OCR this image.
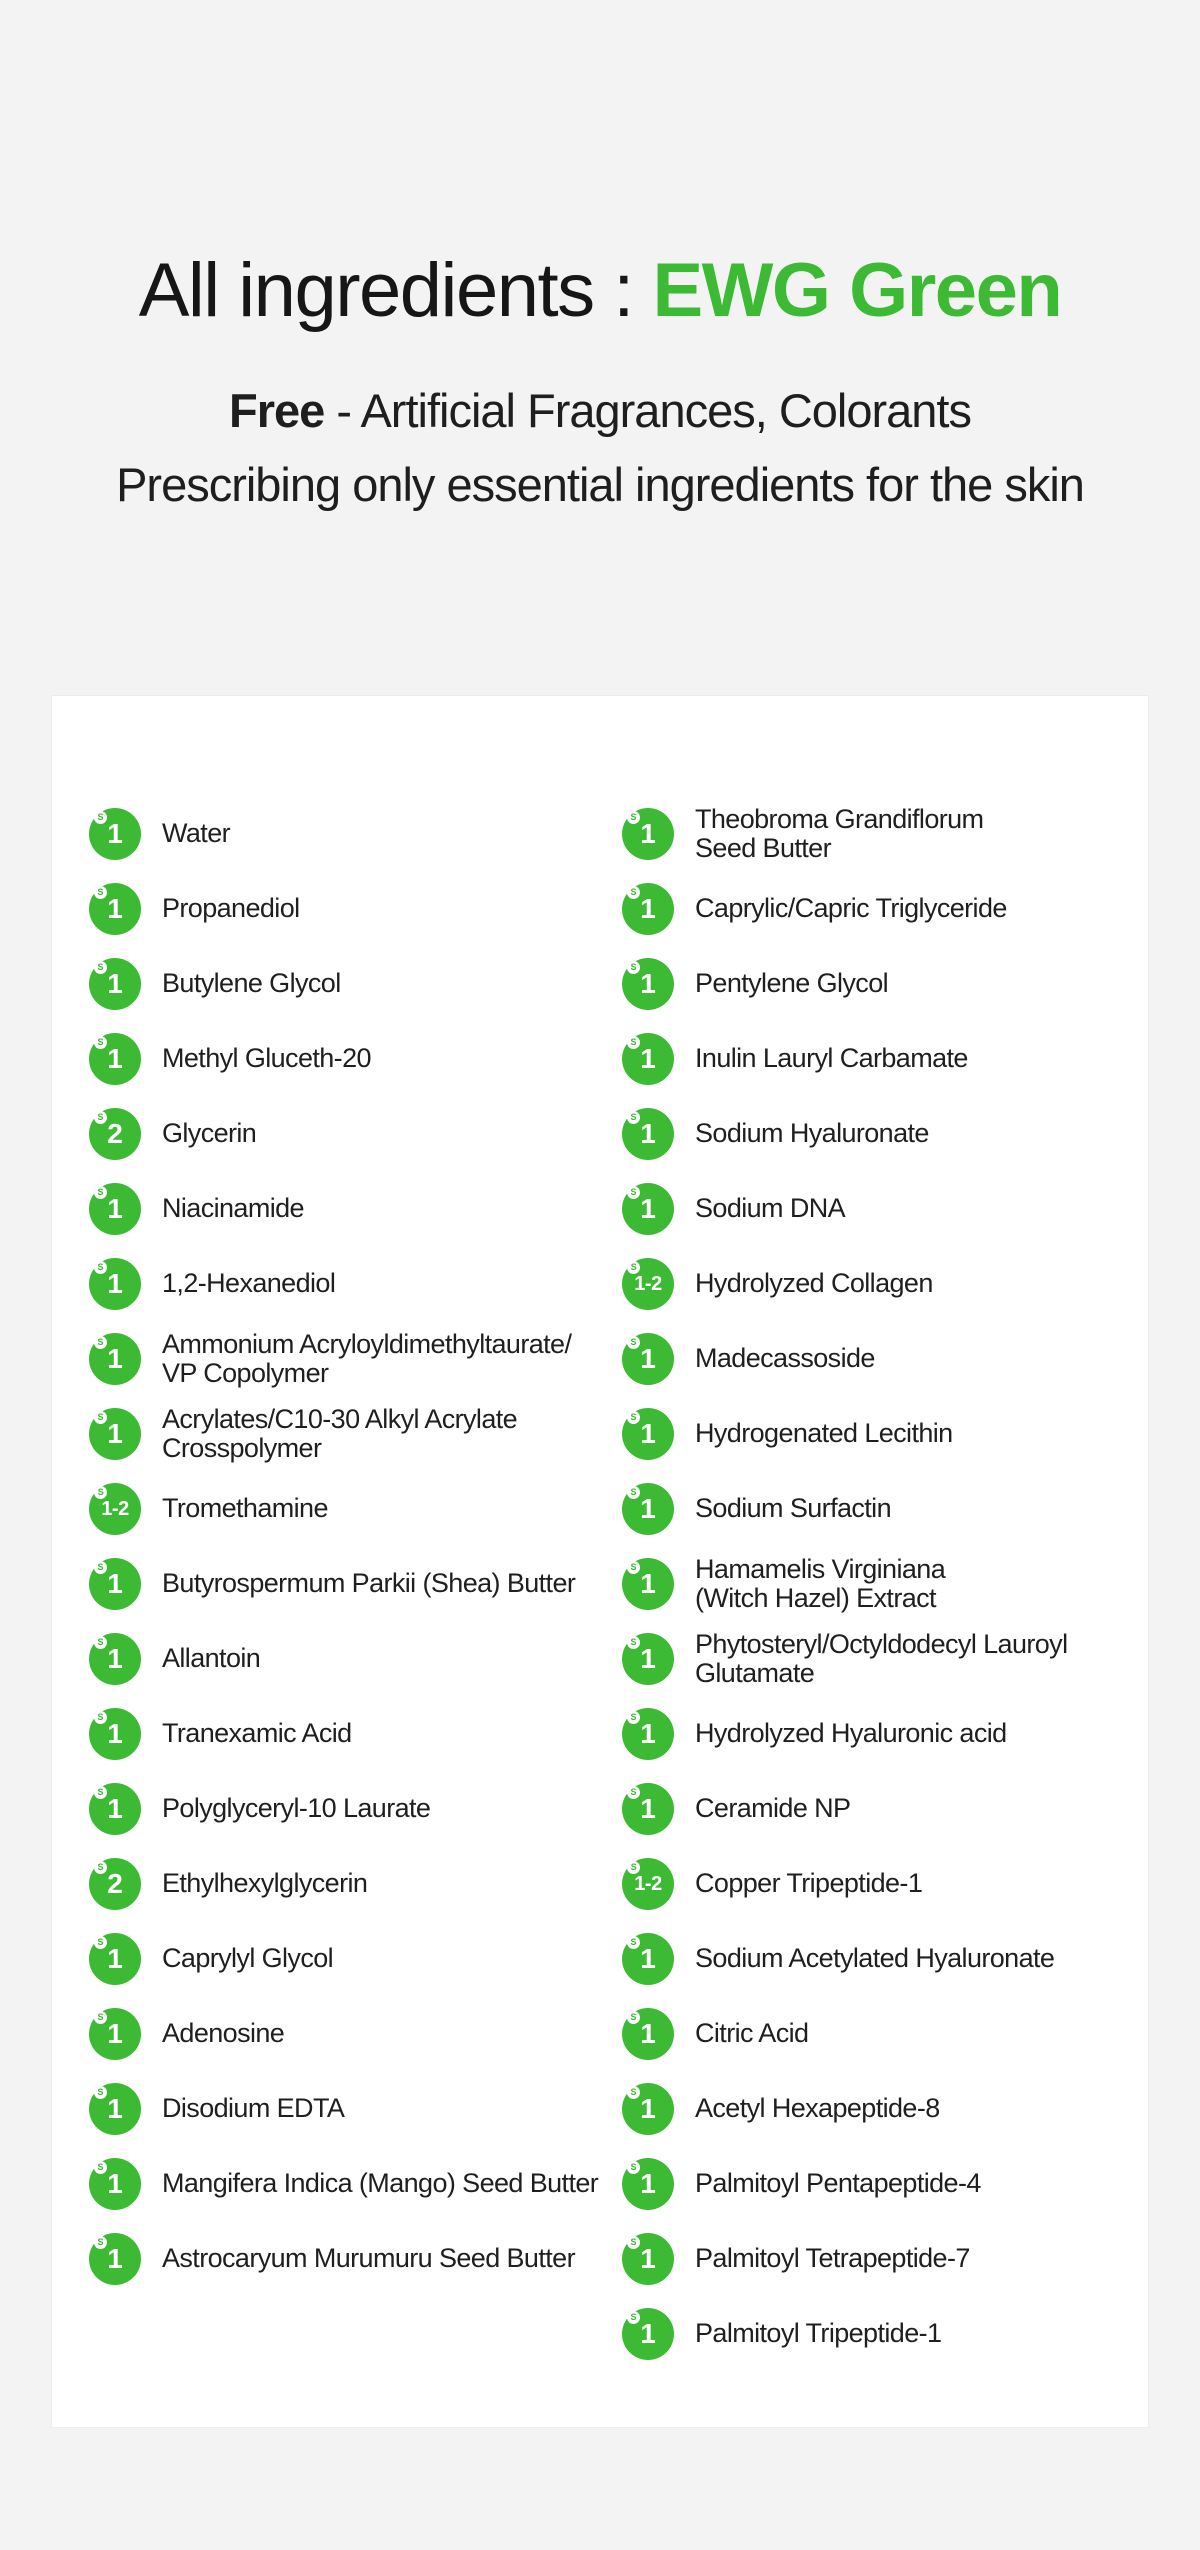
All ingredients : EWG Green
Free - Artificial Fragrances, Colorants
Prescribing only essential ingredients for the skin
S
1 Water
S
1 Propanediol
S
1 Butylene Glycol
S
1 Methyl Gluceth-20
S
2 Glycerin
S
1 Niacinamide
S
1 1,2-Hexanediol
S
1 Ammonium Acryloyldimethyltaurate/
VP Copolymer
S
1 Acrylates/C10-30 Alkyl Acrylate
Crosspolymer
S
1-2 Tromethamine
S
1 Butyrospermum Parkii (Shea) Butter
S
1 Allantoin
S
1 Tranexamic Acid
S
1 Polyglyceryl-10 Laurate
S
2 Ethylhexylglycerin
S
1 Caprylyl Glycol
S
1 Adenosine
S
1 Disodium EDTA
S
1 Mangifera Indica (Mango) Seed Butter
S
1 Astrocaryum Murumuru Seed Butter
S
1 Theobroma Grandiflorum
Seed Butter
S
1 Caprylic/Capric Triglyceride
S
1 Pentylene Glycol
S
1 Inulin Lauryl Carbamate
S
1 Sodium Hyaluronate
S
1 Sodium DNA
S
1-2 Hydrolyzed Collagen
S
1 Madecassoside
S
1 Hydrogenated Lecithin
S
1 Sodium Surfactin
S
1 Hamamelis Virginiana
(Witch Hazel) Extract
S
1 Phytosteryl/Octyldodecyl Lauroyl
Glutamate
S
1 Hydrolyzed Hyaluronic acid
S
1 Ceramide NP
S
1-2 Copper Tripeptide-1
S
1 Sodium Acetylated Hyaluronate
S
1 Citric Acid
S
1 Acetyl Hexapeptide-8
S
1 Palmitoyl Pentapeptide-4
S
1 Palmitoyl Tetrapeptide-7
S
1 Palmitoyl Tripeptide-1
